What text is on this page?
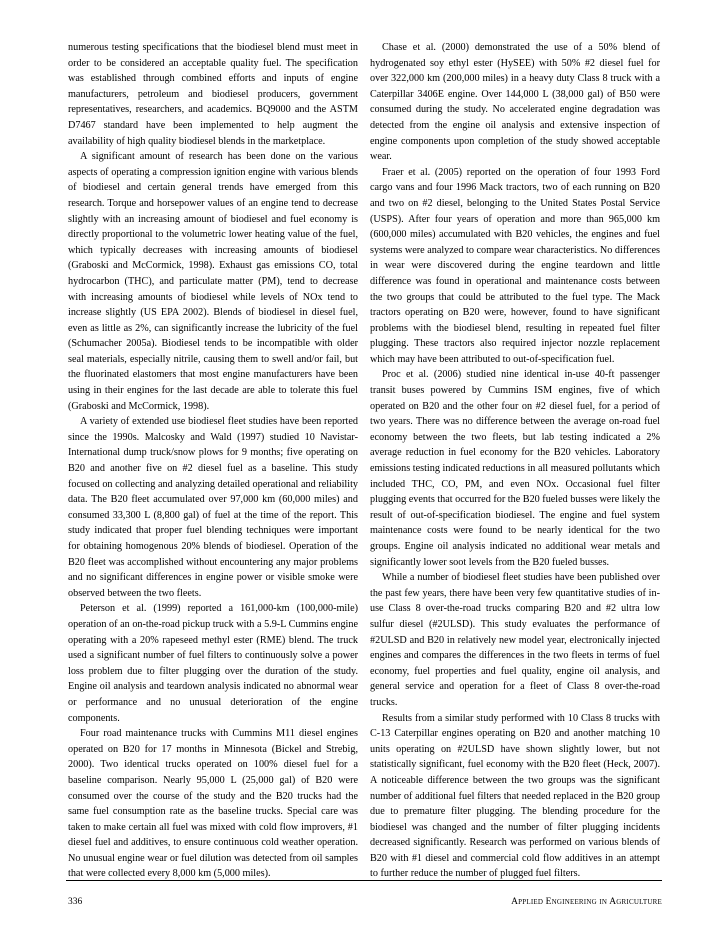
numerous testing specifications that the biodiesel blend must meet in order to be considered an acceptable quality fuel. The specification was established through combined efforts and inputs of engine manufacturers, petroleum and biodiesel producers, government representatives, researchers, and academics. BQ9000 and the ASTM D7467 standard have been implemented to help augment the availability of high quality biodiesel blends in the marketplace.

A significant amount of research has been done on the various aspects of operating a compression ignition engine with various blends of biodiesel and certain general trends have emerged from this research. Torque and horsepower values of an engine tend to decrease slightly with an increasing amount of biodiesel and fuel economy is directly proportional to the volumetric lower heating value of the fuel, which typically decreases with increasing amounts of biodiesel (Graboski and McCormick, 1998). Exhaust gas emissions CO, total hydrocarbon (THC), and particulate matter (PM), tend to decrease with increasing amounts of biodiesel while levels of NOx tend to increase slightly (US EPA 2002). Blends of biodiesel in diesel fuel, even as little as 2%, can significantly increase the lubricity of the fuel (Schumacher 2005a). Biodiesel tends to be incompatible with older seal materials, especially nitrile, causing them to swell and/or fail, but the fluorinated elastomers that most engine manufacturers have been using in their engines for the last decade are able to tolerate this fuel (Graboski and McCormick, 1998).

A variety of extended use biodiesel fleet studies have been reported since the 1990s. Malcosky and Wald (1997) studied 10 Navistar-International dump truck/snow plows for 9 months; five operating on B20 and another five on #2 diesel fuel as a baseline. This study focused on collecting and analyzing detailed operational and reliability data. The B20 fleet accumulated over 97,000 km (60,000 miles) and consumed 33,300 L (8,800 gal) of fuel at the time of the report. This study indicated that proper fuel blending techniques were important for obtaining homogenous 20% blends of biodiesel. Operation of the B20 fleet was accomplished without encountering any major problems and no significant differences in engine power or visible smoke were observed between the two fleets.

Peterson et al. (1999) reported a 161,000-km (100,000-mile) operation of an on-the-road pickup truck with a 5.9-L Cummins engine operating with a 20% rapeseed methyl ester (RME) blend. The truck used a significant number of fuel filters to continuously solve a power loss problem due to filter plugging over the duration of the study. Engine oil analysis and teardown analysis indicated no abnormal wear or performance and no unusual deterioration of the engine components.

Four road maintenance trucks with Cummins M11 diesel engines operated on B20 for 17 months in Minnesota (Bickel and Strebig, 2000). Two identical trucks operated on 100% diesel fuel for a baseline comparison. Nearly 95,000 L (25,000 gal) of B20 were consumed over the course of the study and the B20 trucks had the same fuel consumption rate as the baseline trucks. Special care was taken to make certain all fuel was mixed with cold flow improvers, #1 diesel fuel and additives, to ensure continuous cold weather operation. No unusual engine wear or fuel dilution was detected from oil samples that were collected every 8,000 km (5,000 miles).

Chase et al. (2000) demonstrated the use of a 50% blend of hydrogenated soy ethyl ester (HySEE) with 50% #2 diesel fuel for over 322,000 km (200,000 miles) in a heavy duty Class 8 truck with a Caterpillar 3406E engine. Over 144,000 L (38,000 gal) of B50 were consumed during the study. No accelerated engine degradation was detected from the engine oil analysis and extensive inspection of engine components upon completion of the study showed acceptable wear.

Fraer et al. (2005) reported on the operation of four 1993 Ford cargo vans and four 1996 Mack tractors, two of each running on B20 and two on #2 diesel, belonging to the United States Postal Service (USPS). After four years of operation and more than 965,000 km (600,000 miles) accumulated with B20 vehicles, the engines and fuel systems were analyzed to compare wear characteristics. No differences in wear were discovered during the engine teardown and little difference was found in operational and maintenance costs between the two groups that could be attributed to the fuel type. The Mack tractors operating on B20 were, however, found to have significant problems with the biodiesel blend, resulting in repeated fuel filter plugging. These tractors also required injector nozzle replacement which may have been attributed to out-of-specification fuel.

Proc et al. (2006) studied nine identical in-use 40-ft passenger transit buses powered by Cummins ISM engines, five of which operated on B20 and the other four on #2 diesel fuel, for a period of two years. There was no difference between the average on-road fuel economy between the two fleets, but lab testing indicated a 2% average reduction in fuel economy for the B20 vehicles. Laboratory emissions testing indicated reductions in all measured pollutants which included THC, CO, PM, and even NOx. Occasional fuel filter plugging events that occurred for the B20 fueled busses were likely the result of out-of-specification biodiesel. The engine and fuel system maintenance costs were found to be nearly identical for the two groups. Engine oil analysis indicated no additional wear metals and significantly lower soot levels from the B20 fueled busses.

While a number of biodiesel fleet studies have been published over the past few years, there have been very few quantitative studies of in-use Class 8 over-the-road trucks comparing B20 and #2 ultra low sulfur diesel (#2ULSD). This study evaluates the performance of #2ULSD and B20 in relatively new model year, electronically injected engines and compares the differences in the two fleets in terms of fuel economy, fuel properties and fuel quality, engine oil analysis, and general service and operation for a fleet of Class 8 over-the-road trucks.

Results from a similar study performed with 10 Class 8 trucks with C-13 Caterpillar engines operating on B20 and another matching 10 units operating on #2ULSD have shown slightly lower, but not statistically significant, fuel economy with the B20 fleet (Heck, 2007). A noticeable difference between the two groups was the significant number of additional fuel filters that needed replaced in the B20 group due to premature filter plugging. The blending procedure for the biodiesel was changed and the number of filter plugging incidents decreased significantly. Research was performed on various blends of B20 with #1 diesel and commercial cold flow additives in an attempt to further reduce the number of plugged fuel filters.

336	Applied Engineering in Agriculture
